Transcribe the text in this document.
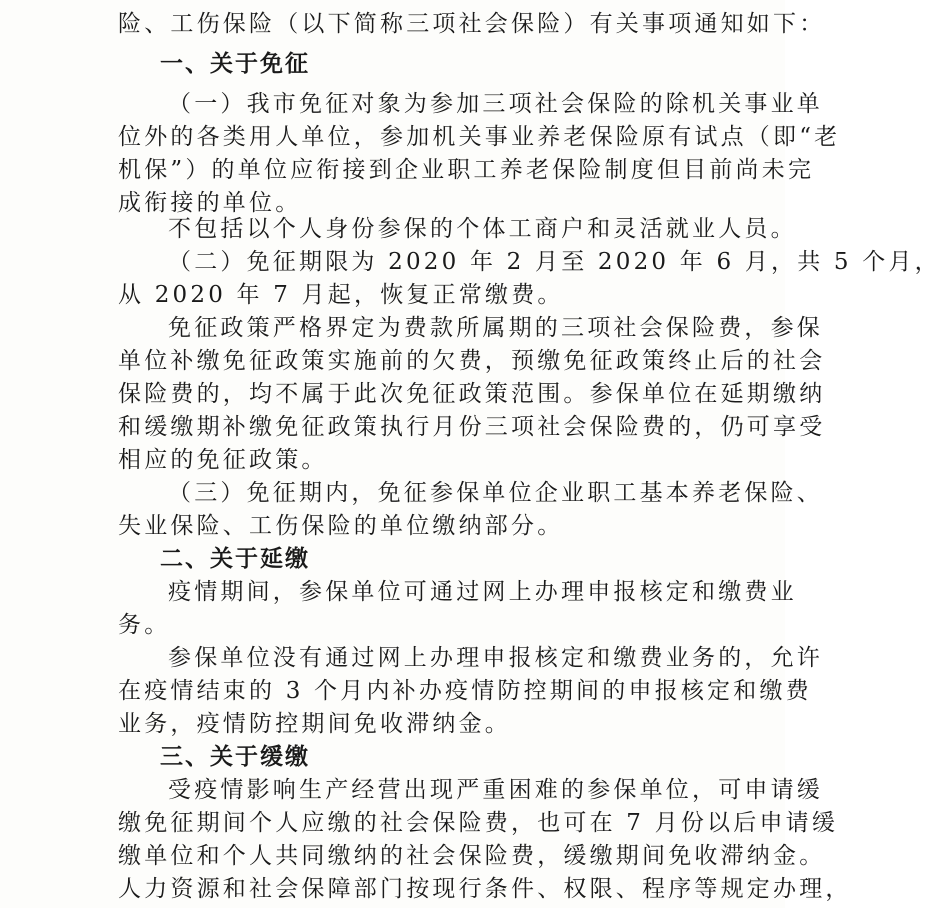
险、工伤保险（以下简称三项社会保险）有关事项通知如下：
一、关于免征
（一）我市免征对象为参加三项社会保险的除机关事业单
位外的各类用人单位，参加机关事业养老保险原有试点（即“老
机保”）的单位应衔接到企业职工养老保险制度但目前尚未完
成衔接的单位。
不包括以个人身份参保的个体工商户和灵活就业人员。
（二）免征期限为 2020 年 2 月至 2020 年 6 月，共 5 个月，
从 2020 年 7 月起，恢复正常缴费。
免征政策严格界定为费款所属期的三项社会保险费，参保
单位补缴免征政策实施前的欠费，预缴免征政策终止后的社会
保险费的，均不属于此次免征政策范围。参保单位在延期缴纳
和缓缴期补缴免征政策执行月份三项社会保险费的，仍可享受
相应的免征政策。
（三）免征期内，免征参保单位企业职工基本养老保险、
失业保险、工伤保险的单位缴纳部分。
二、关于延缴
疫情期间，参保单位可通过网上办理申报核定和缴费业
务。
参保单位没有通过网上办理申报核定和缴费业务的，允许
在疫情结束的 3 个月内补办疫情防控期间的申报核定和缴费
业务，疫情防控期间免收滞纳金。
三、关于缓缴
受疫情影响生产经营出现严重困难的参保单位，可申请缓
缴免征期间个人应缴的社会保险费，也可在 7 月份以后申请缓
缴单位和个人共同缴纳的社会保险费，缓缴期间免收滞纳金。
人力资源和社会保障部门按现行条件、权限、程序等规定办理，
